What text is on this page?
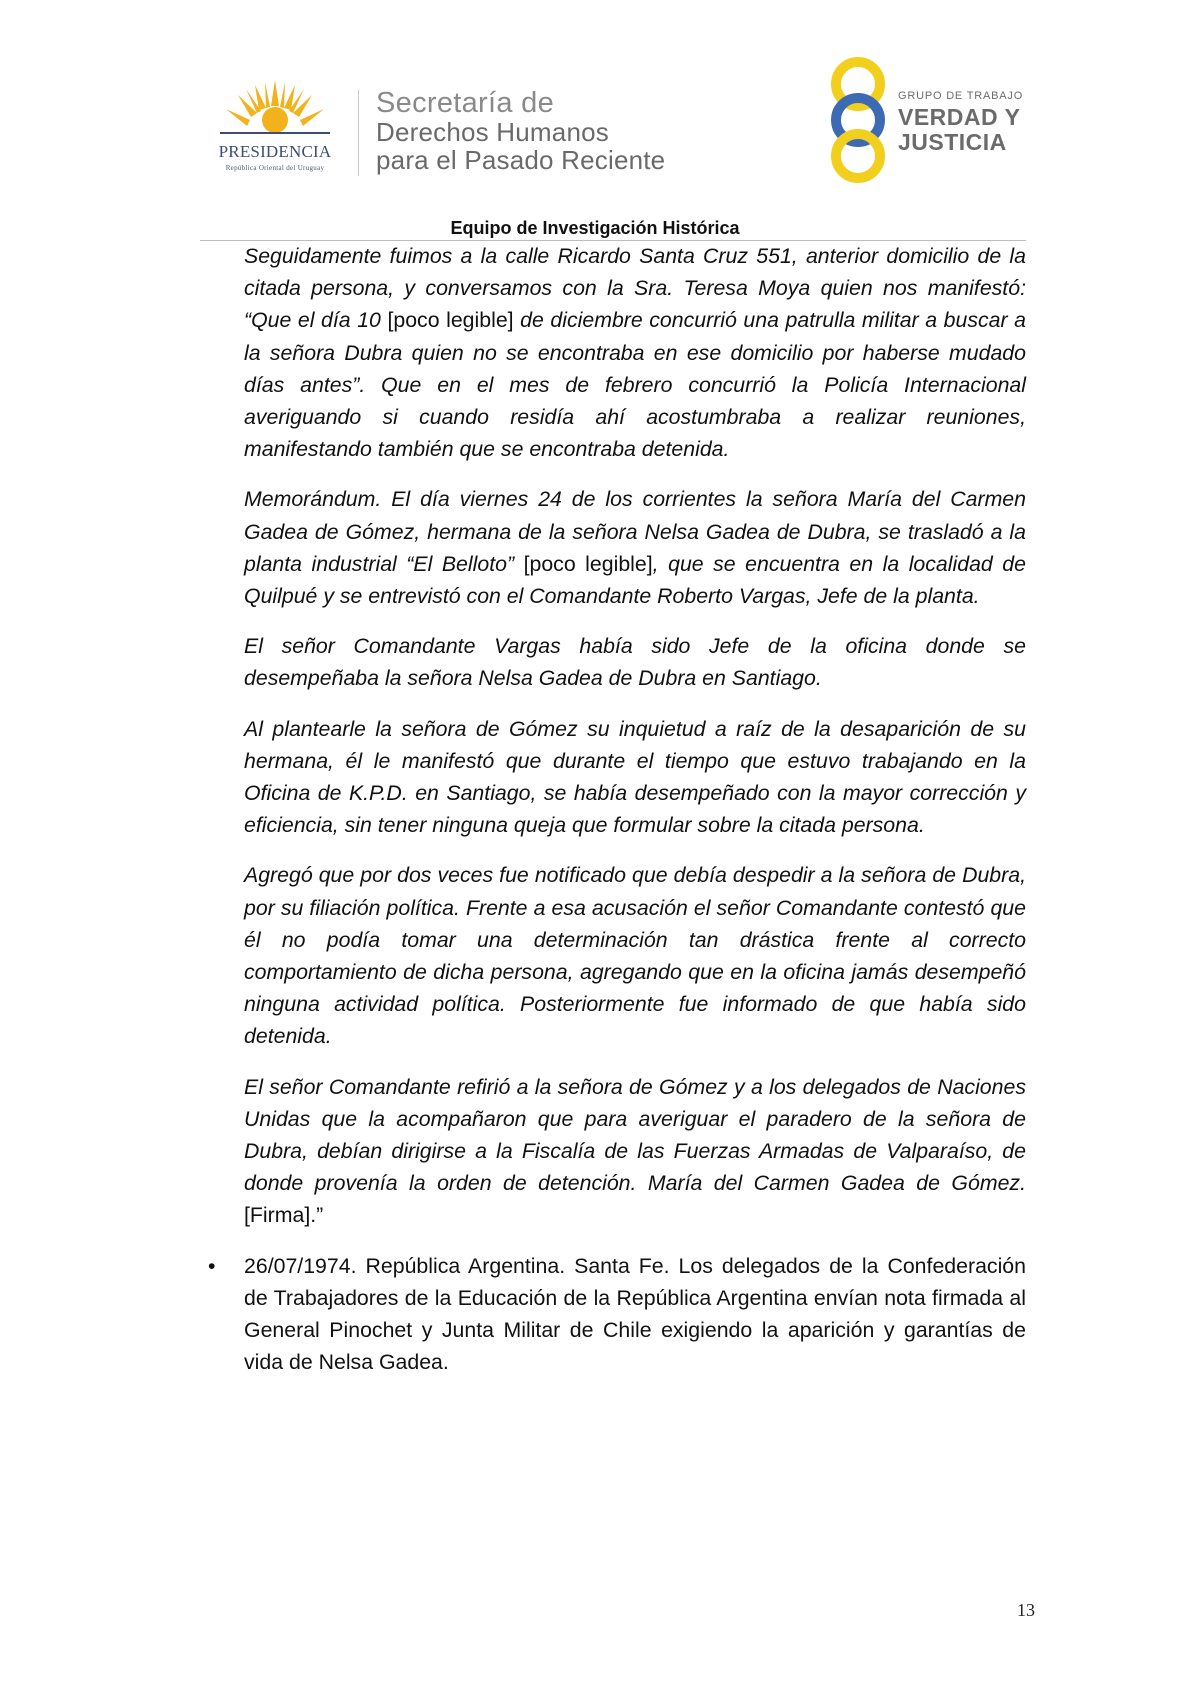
PRESIDENCIA
República Oriental del Uruguay
Secretaría de
Derechos Humanos
para el Pasado Reciente
GRUPO DE TRABAJO
VERDAD Y
JUSTICIA
Equipo de Investigación Histórica

Seguidamente fuimos a la calle Ricardo Santa Cruz 551, anterior domicilio de la citada persona, y conversamos con la Sra. Teresa Moya quien nos manifestó: “Que el día 10 [poco legible] de diciembre concurrió una patrulla militar a buscar a la señora Dubra quien no se encontraba en ese domicilio por haberse mudado días antes”. Que en el mes de febrero concurrió la Policía Internacional averiguando si cuando residía ahí acostumbraba a realizar reuniones, manifestando también que se encontraba detenida.

Memorándum. El día viernes 24 de los corrientes la señora María del Carmen Gadea de Gómez, hermana de la señora Nelsa Gadea de Dubra, se trasladó a la planta industrial “El Belloto” [poco legible], que se encuentra en la localidad de Quilpué y se entrevistó con el Comandante Roberto Vargas, Jefe de la planta.

El señor Comandante Vargas había sido Jefe de la oficina donde se desempeñaba la señora Nelsa Gadea de Dubra en Santiago.

Al plantearle la señora de Gómez su inquietud a raíz de la desaparición de su hermana, él le manifestó que durante el tiempo que estuvo trabajando en la Oficina de K.P.D. en Santiago, se había desempeñado con la mayor corrección y eficiencia, sin tener ninguna queja que formular sobre la citada persona.

Agregó que por dos veces fue notificado que debía despedir a la señora de Dubra, por su filiación política. Frente a esa acusación el señor Comandante contestó que él no podía tomar una determinación tan drástica frente al correcto comportamiento de dicha persona, agregando que en la oficina jamás desempeñó ninguna actividad política. Posteriormente fue informado de que había sido detenida.

El señor Comandante refirió a la señora de Gómez y a los delegados de Naciones Unidas que la acompañaron que para averiguar el paradero de la señora de Dubra, debían dirigirse a la Fiscalía de las Fuerzas Armadas de Valparaíso, de donde provenía la orden de detención. María del Carmen Gadea de Gómez. [Firma].”

• 26/07/1974. República Argentina. Santa Fe. Los delegados de la Confederación de Trabajadores de la Educación de la República Argentina envían nota firmada al General Pinochet y Junta Militar de Chile exigiendo la aparición y garantías de vida de Nelsa Gadea.

13
